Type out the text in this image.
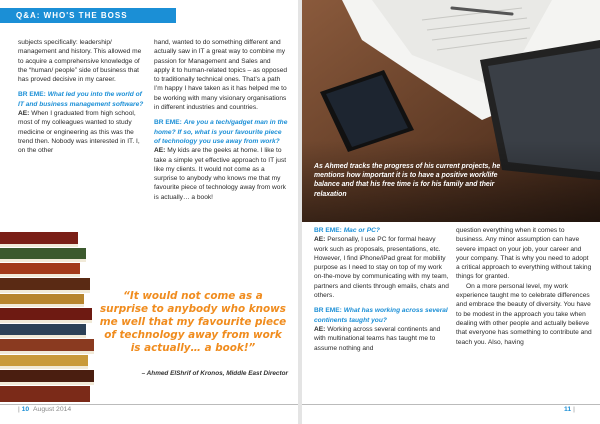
Q&A: WHO'S THE BOSS

subjects specifically: leadership/ management and history. This allowed me to acquire a comprehensive knowledge of the “human/ people” side of business that has proved decisive in my career.

BR EME: What led you into the world of IT and business management software?

AE: When I graduated from high school, most of my colleagues wanted to study medicine or engineering as this was the trend then. Nobody was interested in IT. I, on the other

hand, wanted to do something different and actually saw in IT a great way to combine my passion for Management and Sales and apply it to human-related topics – as opposed to traditionally technical ones. That’s a path I’m happy I have taken as it has helped me to be working with many visionary organisations in different industries and countries.

BR EME: Are you a tech/gadget man in the home? If so, what is your favourite piece of technology you use away from work?

AE: My kids are the geeks at home. I like to take a simple yet effective approach to IT just like my clients. It would not come as a surprise to anybody who knows me that my favourite piece of technology away from work is actually… a book!

“It would not come as a surprise to anybody who knows me well that my favourite piece of technology away from work is actually… a book!”
– Ahmed ElShrif of Kronos, Middle East Director
| 10 August 2014
As Ahmed tracks the progress of his current projects, he mentions how important it is to have a positive work/life balance and that his free time is for his family and their relaxation

BR EME: Mac or PC?

AE: Personally, I use PC for formal heavy work such as proposals, presentations, etc. However, I find iPhone/iPad great for mobility purpose as I need to stay on top of my work on-the-move by communicating with my team, partners and clients through emails, chats and others.

BR EME: What has working across several continents taught you?

AE: Working across several continents and with multinational teams has taught me to assume nothing and

question everything when it comes to business. Any minor assumption can have severe impact on your job, your career and your company. That is why you need to adopt a critical approach to everything without taking things for granted.

On a more personal level, my work experience taught me to celebrate differences and embrace the beauty of diversity. You have to be modest in the approach you take when dealing with other people and actually believe that everyone has something to contribute and teach you. Also, having

11 |
